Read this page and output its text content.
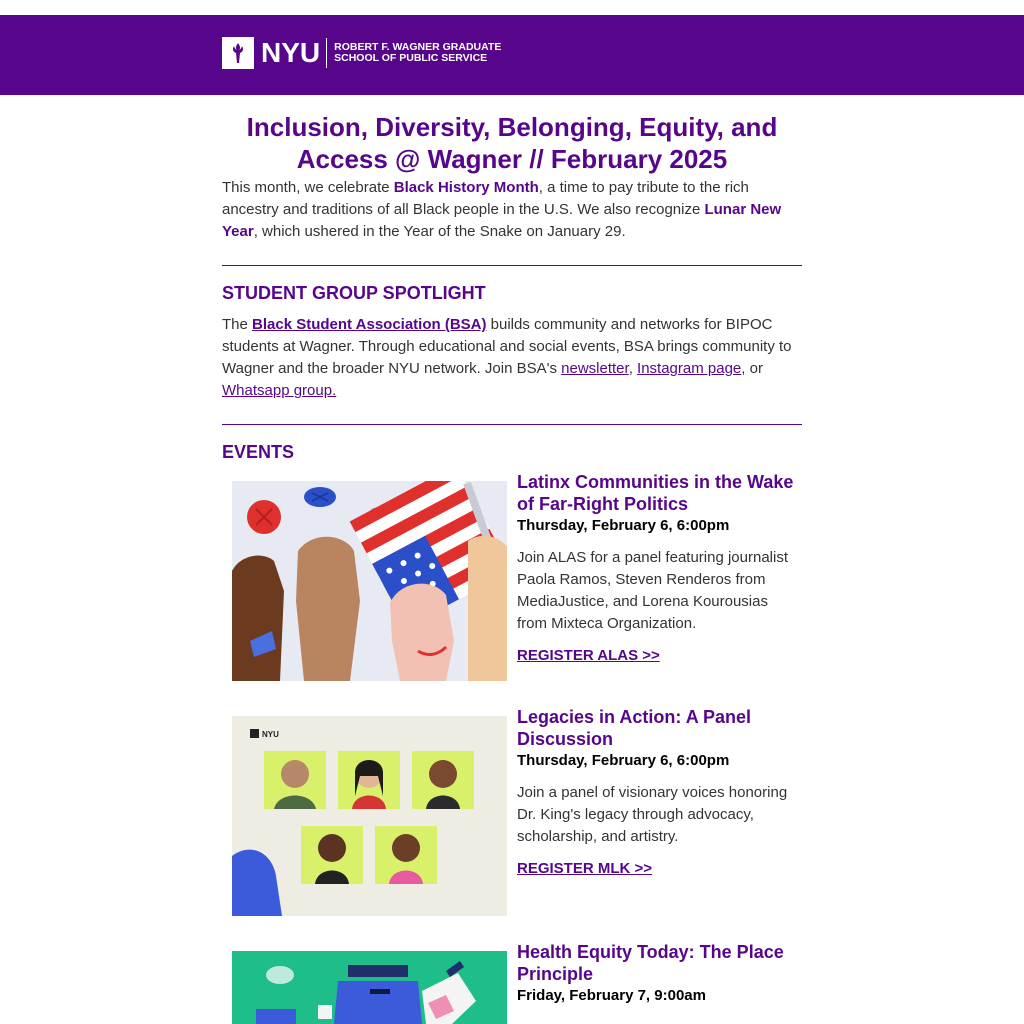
NYU ROBERT F. WAGNER GRADUATE
SCHOOL OF PUBLIC SERVICE
Inclusion, Diversity, Belonging, Equity, and Access @ Wagner // February 2025

This month, we celebrate Black History Month, a time to pay tribute to the rich ancestry and traditions of all Black people in the U.S. We also recognize Lunar New Year, which ushered in the Year of the Snake on January 29.

STUDENT GROUP SPOTLIGHT

The Black Student Association (BSA) builds community and networks for BIPOC students at Wagner. Through educational and social events, BSA brings community to Wagner and the broader NYU network. Join BSA's newsletter, Instagram page, or Whatsapp group.

EVENTS
Latinx Communities in the Wake of Far-Right Politics
Thursday, February 6, 6:00pm
Join ALAS for a panel featuring journalist Paola Ramos, Steven Renderos from MediaJustice, and Lorena Kourousias from Mixteca Organization.
REGISTER ALAS >>
NYU
Legacies in Action: A Panel Discussion
Thursday, February 6, 6:00pm
Join a panel of visionary voices honoring Dr. King's legacy through advocacy, scholarship, and artistry.
REGISTER MLK >>
Health Equity Today: The Place Principle
Friday, February 7, 9:00am
